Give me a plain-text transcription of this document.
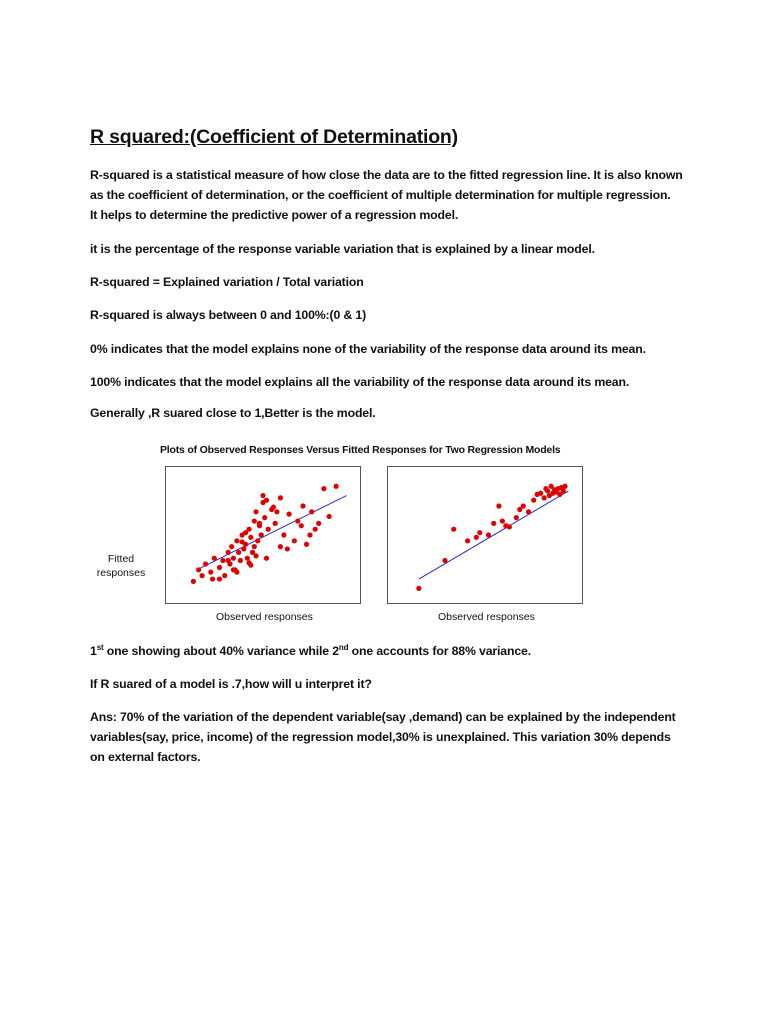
R squared:(Coefficient of Determination)
R-squared is a statistical measure of how close the data are to the fitted regression line. It is also known
as the coefficient of determination, or the coefficient of multiple determination for multiple regression.
It helps to determine the predictive power of a regression model.
it is the percentage of the response variable variation that is explained by a linear model.
R-squared = Explained variation / Total variation
R-squared is always between 0 and 100%:(0 & 1)
0% indicates that the model explains none of the variability of the response data around its mean.
100% indicates that the model explains all the variability of the response data around its mean.
Generally ,R suared close to 1,Better is the model.
Plots of Observed Responses Versus Fitted Responses for Two Regression Models
Fitted
responses
Observed responses	Observed responses
1st one showing about 40% variance while 2nd one accounts for 88% variance.
If R suared of a model is .7,how will u interpret it?
Ans: 70% of the variation of the dependent variable(say ,demand) can be explained by the independent
variables(say, price, income) of the regression model,30% is unexplained. This variation 30% depends
on external factors.
